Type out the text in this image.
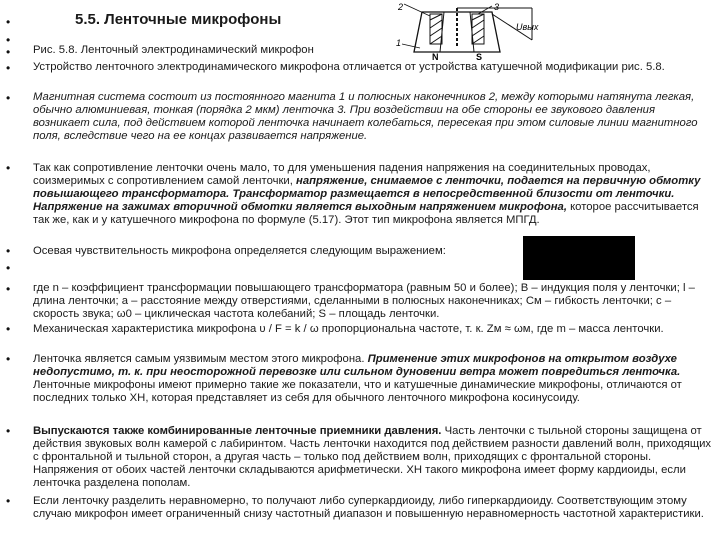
•
•
•
•
•
•
•
•
•
•
•
•
•
5.5. Ленточные микрофоны
2	3
Uвых
1
N	S
Рис. 5.8. Ленточный электродинамический микрофон
Устройство ленточного электродинамического микрофона отличается от устройства катушечной модификации рис. 5.8.
Магнитная система состоит из постоянного магнита 1 и полюсных наконечников 2, между которыми натянута легкая, обычно алюминиевая, тонкая (порядка 2 мкм) ленточка 3. При воздействии на обе стороны ее звукового давления возникает сила, под действием которой ленточка начинает колебаться, пересекая при этом силовые линии магнитного поля, вследствие чего на ее концах развивается напряжение.
Так как сопротивление ленточки очень мало, то для уменьшения падения напряжения на соединительных проводах, соизмеримых с сопротивлением самой ленточки, напряжение, снимаемое с ленточки, подается на первичную обмотку повышающего трансформатора. Трансформатор размещается в непосредственной близости от ленточки. Напряжение на зажимах вторичной обмотки является выходным напряжением микрофона, которое рассчитывается так же, как и у катушечного микрофона по формуле (5.17). Этот тип микрофона является МПГД.
Осевая чувствительность микрофона определяется следующим выражением:
где n – коэффициент трансформации повышающего трансформатора (равным 50 и более); B – индукция поля у ленточки; l – длина ленточки; a – расстояние между отверстиями, сделанными в полюсных наконечниках; Cм – гибкость ленточки; c – скорость звука; ω0 – циклическая частота колебаний; S – площадь ленточки.
Механическая характеристика микрофона υ / F = k / ω пропорциональна частоте, т. к. Zм ≈ ωм, где m – масса ленточки.
Ленточка является самым уязвимым местом этого микрофона. Применение этих микрофонов на открытом воздухе недопустимо, т. к. при неосторожной перевозке или сильном дуновении ветра может повредиться ленточка. Ленточные микрофоны имеют примерно такие же показатели, что и катушечные динамические микрофоны, отличаются от последних только ХН, которая представляет из себя для обычного ленточного микрофона косинусоиду.
Выпускаются также комбинированные ленточные приемники давления. Часть ленточки с тыльной стороны защищена от действия звуковых волн камерой с лабиринтом. Часть ленточки находится под действием разности давлений волн, приходящих с фронтальной и тыльной сторон, а другая часть – только под действием волн, приходящих с фронтальной стороны. Напряжения от обоих частей ленточки складываются арифметически. ХН такого микрофона имеет форму кардиоиды, если ленточка разделена пополам.
Если ленточку разделить неравномерно, то получают либо суперкардиоиду, либо гиперкардиоиду. Соответствующим этому случаю микрофон имеет ограниченный снизу частотный диапазон и повышенную неравномерность частотной характеристики.
